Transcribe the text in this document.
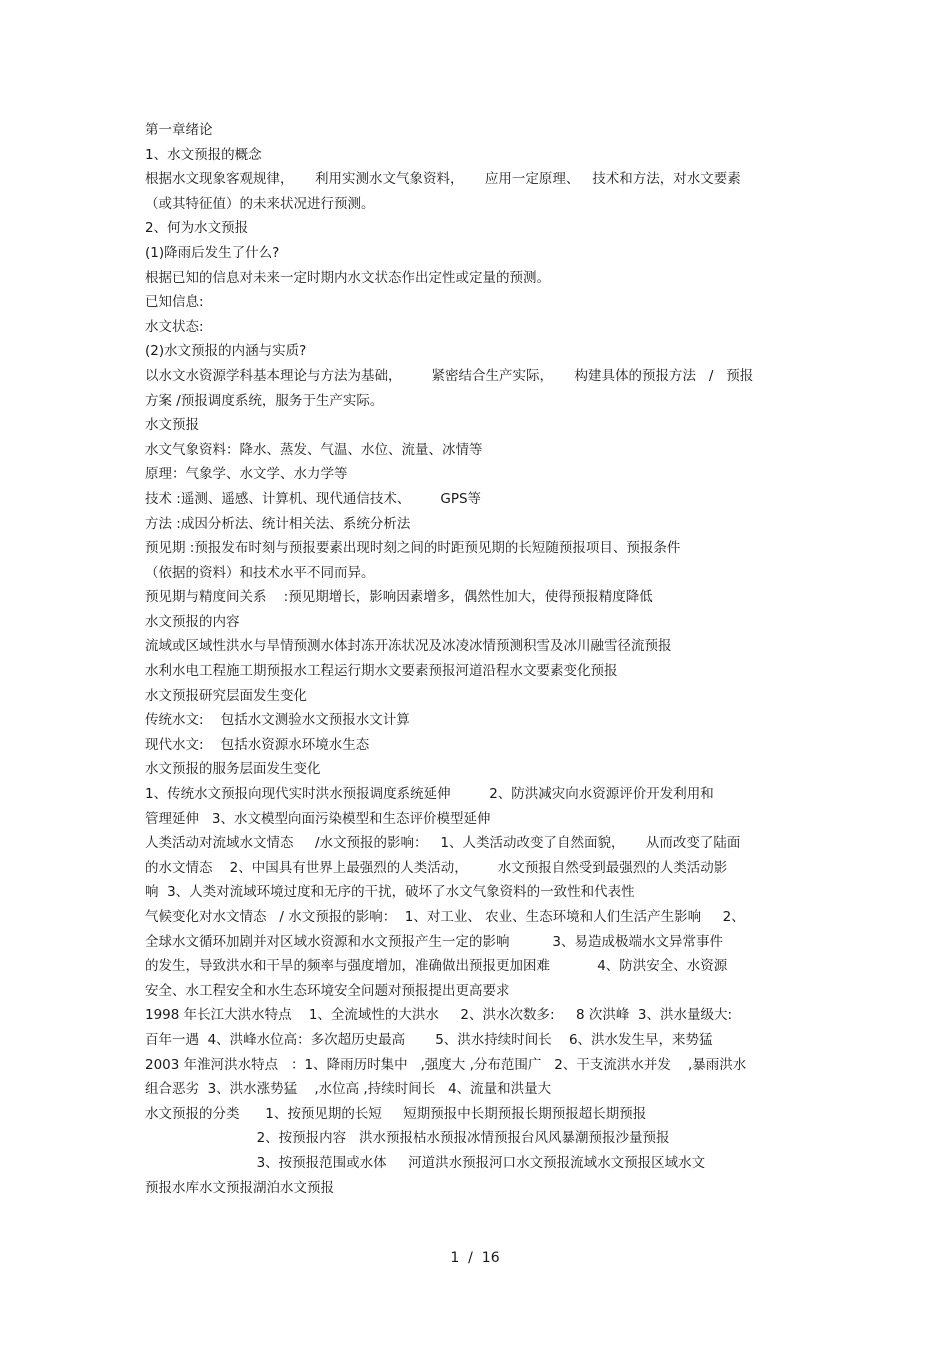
第一章绪论
1、水文预报的概念
根据水文现象客观规律，     利用实测水文气象资料，     应用一定原理、   技术和方法，对水文要素
（或其特征值）的未来状况进行预测。
2、何为水文预报
(1)降雨后发生了什么?
根据已知的信息对未来一定时期内水文状态作出定性或定量的预测。
已知信息:
水文状态:
(2)水文预报的内涵与实质?
以水文水资源学科基本理论与方法为基础，       紧密结合生产实际，     构建具体的预报方法   /   预报
方案 /预报调度系统，服务于生产实际。
水文预报
水文气象资料：降水、蒸发、气温、水位、流量、冰情等
原理：气象学、水文学、水力学等
技术 :遥测、遥感、计算机、现代通信技术、       GPS等
方法 :成因分析法、统计相关法、系统分析法
预见期 :预报发布时刻与预报要素出现时刻之间的时距预见期的长短随预报项目、预报条件
（依据的资料）和技术水平不同而异。
预见期与精度间关系    :预见期增长，影响因素增多，偶然性加大，使得预报精度降低
水文预报的内容
流域或区域性洪水与旱情预测水体封冻开冻状况及冰凌冰情预测积雪及冰川融雪径流预报
水利水电工程施工期预报水工程运行期水文要素预报河道沿程水文要素变化预报
水文预报研究层面发生变化
传统水文:    包括水文测验水文预报水文计算
现代水文:    包括水资源水环境水生态
水文预报的服务层面发生变化
1、传统水文预报向现代实时洪水预报调度系统延伸         2、防洪减灾向水资源评价开发利用和
管理延伸   3、水文模型向面污染模型和生态评价模型延伸
人类活动对流域水文情态     /水文预报的影响：   1、人类活动改变了自然面貌，     从而改变了陆面
的水文情态    2、中国具有世界上最强烈的人类活动，       水文预报自然受到最强烈的人类活动影
响  3、人类对流域环境过度和无序的干扰，破坏了水文气象资料的一致性和代表性
气候变化对水文情态   / 水文预报的影响：  1、对工业、 农业、生态环境和人们生活产生影响     2、
全球水文循环加剧并对区域水资源和水文预报产生一定的影响          3、易造成极端水文异常事件
的发生，导致洪水和干旱的频率与强度增加，准确做出预报更加困难           4、防洪安全、水资源
安全、水工程安全和水生态环境安全问题对预报提出更高要求
1998 年长江大洪水特点    1、全流域性的大洪水     2、洪水次数多:     8 次洪峰  3、洪水量级大:
百年一遇  4、洪峰水位高：多次超历史最高       5、洪水持续时间长    6、洪水发生早，来势猛
2003 年淮河洪水特点   ：1、降雨历时集中   ,强度大 ,分布范围广   2、干支流洪水并发    ,暴雨洪水
组合恶劣  3、洪水涨势猛    ,水位高 ,持续时间长   4、流量和洪量大
水文预报的分类      1、按预见期的长短     短期预报中长期预报长期预报超长期预报
2、按预报内容   洪水预报枯水预报冰情预报台风风暴潮预报沙量预报
3、按预报范围或水体     河道洪水预报河口水文预报流域水文预报区域水文
预报水库水文预报湖泊水文预报
1  /  16
